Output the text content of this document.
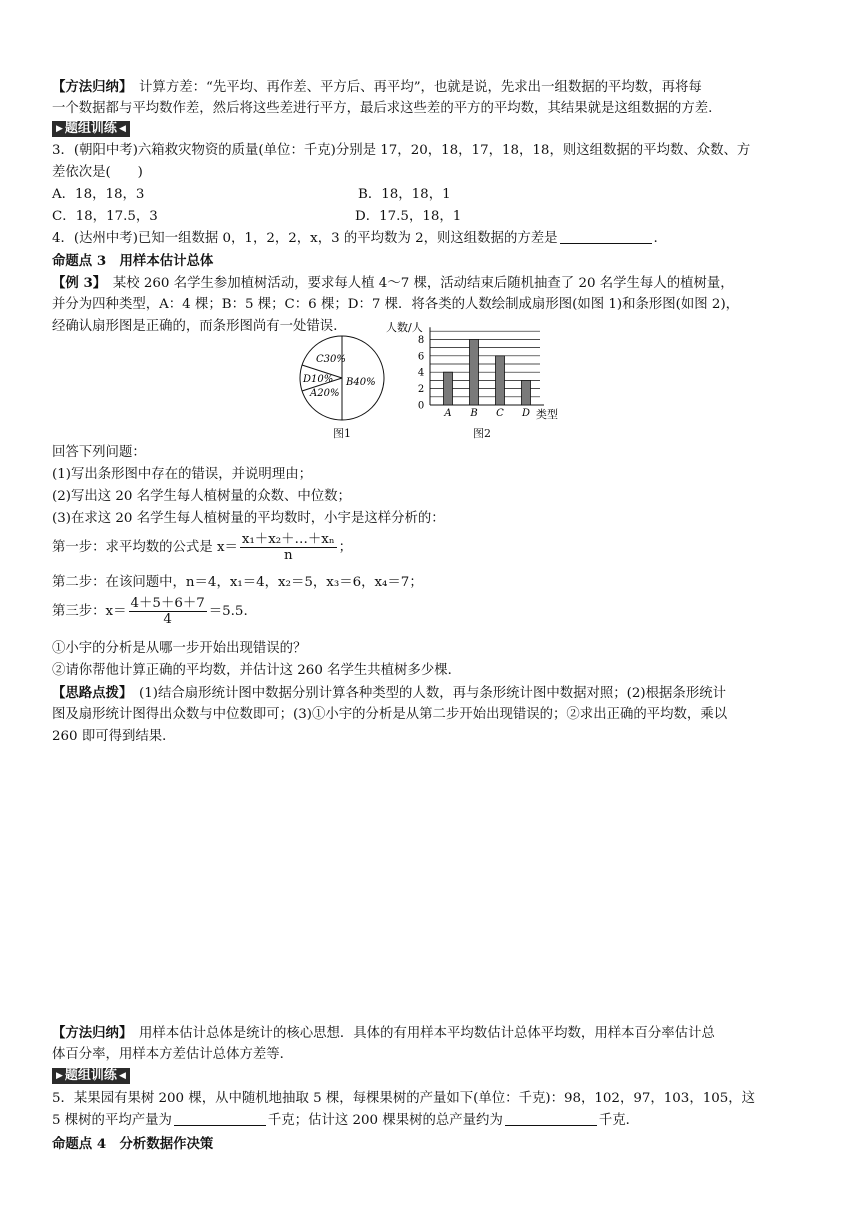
【方法归纳】　计算方差：“先平均、再作差、平方后、再平均”，也就是说，先求出一组数据的平均数，再将每
一个数据都与平均数作差，然后将这些差进行平方，最后求这些差的平方的平均数，其结果就是这组数据的方差.
▶ 题组训练 ◀
3．(朝阳中考)六箱救灾物资的质量(单位：千克)分别是 17，20，18，17，18，18，则这组数据的平均数、众数、方
差依次是(　　)
A．18，18，3	B．18，18，1
C．18，17.5，3	D．17.5，18，1
4．(达州中考)已知一组数据 0，1，2，2，x，3 的平均数为 2，则这组数据的方差是	.
命题点 3　用样本估计总体
【例 3】　某校 260 名学生参加植树活动，要求每人植 4～7 棵，活动结束后随机抽查了 20 名学生每人的植树量，
并分为四种类型，A：4 棵；B：5 棵；C：6 棵；D：7 棵．将各类的人数绘制成扇形图(如图 1)和条形图(如图 2)，
经确认扇形图是正确的，而条形图尚有一处错误．
C30%
D10%
A20%
B40%
图1
人数/人
类型
0
2
4
6
8
A B C D
图2
回答下列问题：
(1)写出条形图中存在的错误，并说明理由；
(2)写出这 20 名学生每人植树量的众数、中位数；
(3)在求这 20 名学生每人植树量的平均数时，小宇是这样分析的：
第一步：求平均数的公式是 $x= \frac{\text{x₁＋x₂＋…＋xₙ}}{n}$ ；
第二步：在该问题中，n＝4，x₁＝4，x₂＝5，x₃＝6，x₄＝7；
第三步：$x= \frac{4+5+6+7}{4} =5.5$.
①小宇的分析是从哪一步开始出现错误的？
②请你帮他计算正确的平均数，并估计这 260 名学生共植树多少棵．
【思路点拨】　(1)结合扇形统计图中数据分别计算各种类型的人数，再与条形统计图中数据对照；(2)根据条形统计
图及扇形统计图得出众数与中位数即可；(3)①小宇的分析是从第二步开始出现错误的；②求出正确的平均数，乘以
260 即可得到结果．
【方法归纳】　用样本估计总体是统计的核心思想．具体的有用样本平均数估计总体平均数，用样本百分率估计总
体百分率，用样本方差估计总体方差等．
▶ 题组训练 ◀
5．某果园有果树 200 棵，从中随机地抽取 5 棵，每棵果树的产量如下(单位：千克)：98，102，97，103，105，这
5 棵树的平均产量为	千克；估计这 200 棵果树的总产量约为	千克．
命题点 4　分析数据作决策
